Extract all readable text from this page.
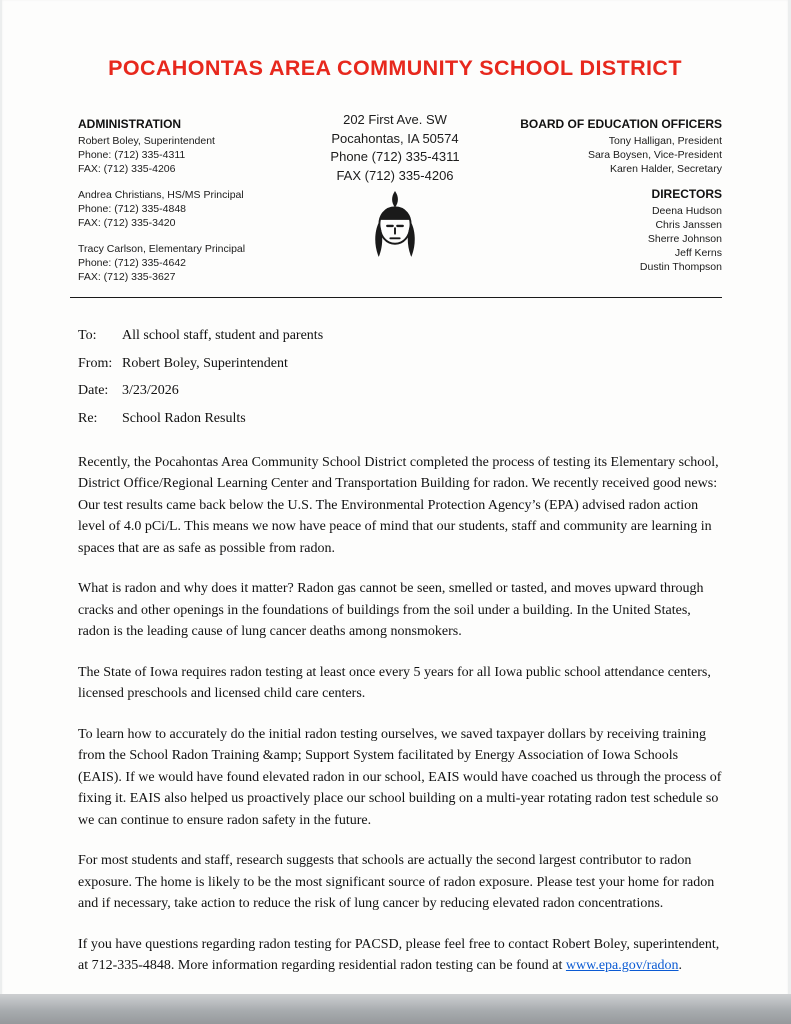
POCAHONTAS AREA COMMUNITY SCHOOL DISTRICT
ADMINISTRATION
Robert Boley, Superintendent
Phone: (712) 335-4311
FAX: (712) 335-4206
Andrea Christians, HS/MS Principal
Phone: (712) 335-4848
FAX: (712) 335-3420
Tracy Carlson, Elementary Principal
Phone: (712) 335-4642
FAX: (712) 335-3627
202 First Ave. SW
Pocahontas, IA 50574
Phone (712) 335-4311
FAX (712) 335-4206
BOARD OF EDUCATION OFFICERS
Tony Halligan, President
Sara Boysen, Vice-President
Karen Halder, Secretary
DIRECTORS
Deena Hudson
Chris Janssen
Sherre Johnson
Jeff Kerns
Dustin Thompson
To:	All school staff, student and parents
From: Robert Boley, Superintendent
Date: 3/23/2026
Re:	School Radon Results

Recently, the Pocahontas Area Community School District completed the process of testing its Elementary school, District Office/Regional Learning Center and Transportation Building for radon. We recently received good news: Our test results came back below the U.S. The Environmental Protection Agency’s (EPA) advised radon action level of 4.0 pCi/L. This means we now have peace of mind that our students, staff and community are learning in spaces that are as safe as possible from radon.

What is radon and why does it matter? Radon gas cannot be seen, smelled or tasted, and moves upward through cracks and other openings in the foundations of buildings from the soil under a building. In the United States, radon is the leading cause of lung cancer deaths among nonsmokers.

The State of Iowa requires radon testing at least once every 5 years for all Iowa public school attendance centers, licensed preschools and licensed child care centers.

To learn how to accurately do the initial radon testing ourselves, we saved taxpayer dollars by receiving training from the School Radon Training &amp; Support System facilitated by Energy Association of Iowa Schools (EAIS). If we would have found elevated radon in our school, EAIS would have coached us through the process of fixing it. EAIS also helped us proactively place our school building on a multi-year rotating radon test schedule so we can continue to ensure radon safety in the future.

For most students and staff, research suggests that schools are actually the second largest contributor to radon exposure. The home is likely to be the most significant source of radon exposure. Please test your home for radon and if necessary, take action to reduce the risk of lung cancer by reducing elevated radon concentrations.

If you have questions regarding radon testing for PACSD, please feel free to contact Robert Boley, superintendent, at 712-335-4848. More information regarding residential radon testing can be found at www.epa.gov/radon.
